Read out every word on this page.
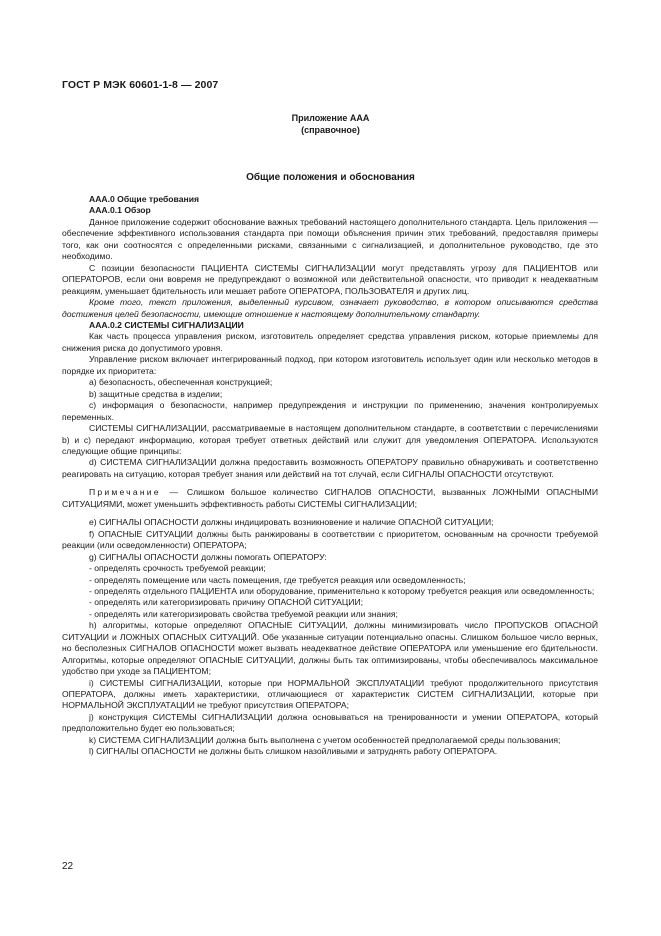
ГОСТ Р МЭК 60601-1-8 — 2007
Приложение ААА
(справочное)
Общие положения и обоснования

ААА.0 Общие требования

ААА.0.1 Обзор

Данное приложение содержит обоснование важных требований настоящего дополнительного стандарта. Цель приложения — обеспечение эффективного использования стандарта при помощи объяснения причин этих требований, предоставляя примеры того, как они соотносятся с определенными рисками, связанными с сигнализацией, и дополнительное руководство, где это необходимо.

С позиции безопасности ПАЦИЕНТА СИСТЕМЫ СИГНАЛИЗАЦИИ могут представлять угрозу для ПАЦИЕНТОВ или ОПЕРАТОРОВ, если они вовремя не предупреждают о возможной или действительной опасности, что приводит к неадекватным реакциям, уменьшает бдительность или мешает работе ОПЕРАТОРА, ПОЛЬЗОВАТЕЛЯ и других лиц.

Кроме того, текст приложения, выделенный курсивом, означает руководство, в котором описываются средства достижения целей безопасности, имеющие отношение к настоящему дополнительному стандарту.

ААА.0.2 СИСТЕМЫ СИГНАЛИЗАЦИИ

Как часть процесса управления риском, изготовитель определяет средства управления риском, которые приемлемы для снижения риска до допустимого уровня.

Управление риском включает интегрированный подход, при котором изготовитель использует один или несколько методов в порядке их приоритета:

а) безопасность, обеспеченная конструкцией;

b) защитные средства в изделии;

c) информация о безопасности, например предупреждения и инструкции по применению, значения контролируемых переменных.

СИСТЕМЫ СИГНАЛИЗАЦИИ, рассматриваемые в настоящем дополнительном стандарте, в соответствии с перечислениями b) и c) передают информацию, которая требует ответных действий или служит для уведомления ОПЕРАТОРА. Используются следующие общие принципы:

d) СИСТЕМА СИГНАЛИЗАЦИИ должна предоставить возможность ОПЕРАТОРУ правильно обнаруживать и соответственно реагировать на ситуацию, которая требует знания или действий на тот случай, если СИГНАЛЫ ОПАСНОСТИ отсутствуют.

Примечание — Слишком большое количество СИГНАЛОВ ОПАСНОСТИ, вызванных ЛОЖНЫМИ ОПАСНЫМИ СИТУАЦИЯМИ, может уменьшить эффективность работы СИСТЕМЫ СИГНАЛИЗАЦИИ;

e) СИГНАЛЫ ОПАСНОСТИ должны индицировать возникновение и наличие ОПАСНОЙ СИТУАЦИИ;

f) ОПАСНЫЕ СИТУАЦИИ должны быть ранжированы в соответствии с приоритетом, основанным на срочности требуемой реакции (или осведомленности) ОПЕРАТОРА;

g) СИГНАЛЫ ОПАСНОСТИ должны помогать ОПЕРАТОРУ:

- определять срочность требуемой реакции;

- определять помещение или часть помещения, где требуется реакция или осведомленность;

- определять отдельного ПАЦИЕНТА или оборудование, применительно к которому требуется реакция или осведомленность;

- определять или категоризировать причину ОПАСНОЙ СИТУАЦИИ;

- определять или категоризировать свойства требуемой реакции или знания;

h) алгоритмы, которые определяют ОПАСНЫЕ СИТУАЦИИ, должны минимизировать число ПРОПУСКОВ ОПАСНОЙ СИТУАЦИИ и ЛОЖНЫХ ОПАСНЫХ СИТУАЦИЙ. Обе указанные ситуации потенциально опасны. Слишком большое число верных, но бесполезных СИГНАЛОВ ОПАСНОСТИ может вызвать неадекватное действие ОПЕРАТОРА или уменьшение его бдительности. Алгоритмы, которые определяют ОПАСНЫЕ СИТУАЦИИ, должны быть так оптимизированы, чтобы обеспечивалось максимальное удобство при уходе за ПАЦИЕНТОМ;

i) СИСТЕМЫ СИГНАЛИЗАЦИИ, которые при НОРМАЛЬНОЙ ЭКСПЛУАТАЦИИ требуют продолжительного присутствия ОПЕРАТОРА, должны иметь характеристики, отличающиеся от характеристик СИСТЕМ СИГНАЛИЗАЦИИ, которые при НОРМАЛЬНОЙ ЭКСПЛУАТАЦИИ не требуют присутствия ОПЕРАТОРА;

j) конструкция СИСТЕМЫ СИГНАЛИЗАЦИИ должна основываться на тренированности и умении ОПЕРАТОРА, который предположительно будет ею пользоваться;

k) СИСТЕМА СИГНАЛИЗАЦИИ должна быть выполнена с учетом особенностей предполагаемой среды пользования;

l) СИГНАЛЫ ОПАСНОСТИ не должны быть слишком назойливыми и затруднять работу ОПЕРАТОРА.

22
